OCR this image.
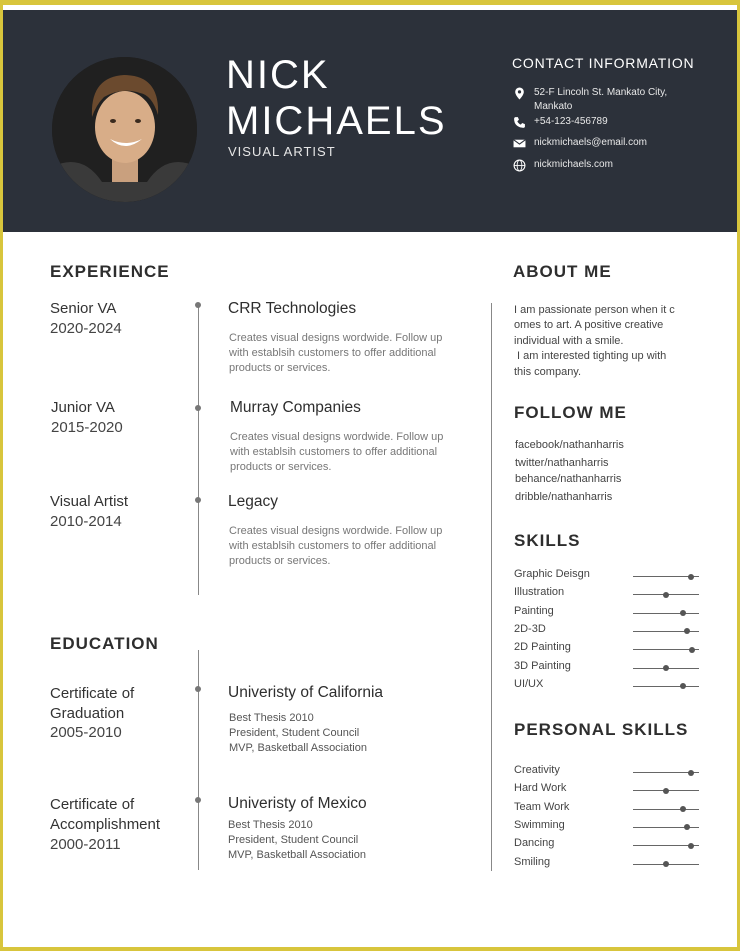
NICK
MICHAELS
VISUAL ARTIST
CONTACT INFORMATION
52-F Lincoln St. Mankato City, Mankato
+54-123-456789
nickmichaels@email.com
nickmichaels.com
EXPERIENCE
Senior VA
2020-2024
CRR Technologies
Creates visual designs wordwide. Follow up with establsih customers to offer additional products or services.
Junior VA
2015-2020
Murray Companies
Creates visual designs wordwide. Follow up with establsih customers to offer additional products or services.
Visual Artist
2010-2014
Legacy
Creates visual designs wordwide. Follow up with establsih customers to offer additional products or services.
EDUCATION
Certificate of
Graduation
2005-2010
Univeristy of California
Best Thesis 2010
President, Student Council
MVP, Basketball Association
Certificate of
Accomplishment
2000-2011
Univeristy of Mexico
Best Thesis 2010
President, Student Council
MVP, Basketball Association
ABOUT ME
I am passionate person when it c
omes to art. A positive creative
individual with a smile.
I am interested tighting up with
this company.
FOLLOW ME
facebook/nathanharris
twitter/nathanharris
behance/nathanharris
dribble/nathanharris
SKILLS
PERSONAL SKILLS
Graphic Deisgn
Illustration
Painting
2D-3D
2D Painting
3D Painting
UI/UX
Creativity
Hard Work
Team Work
Swimming
Dancing
Smiling
